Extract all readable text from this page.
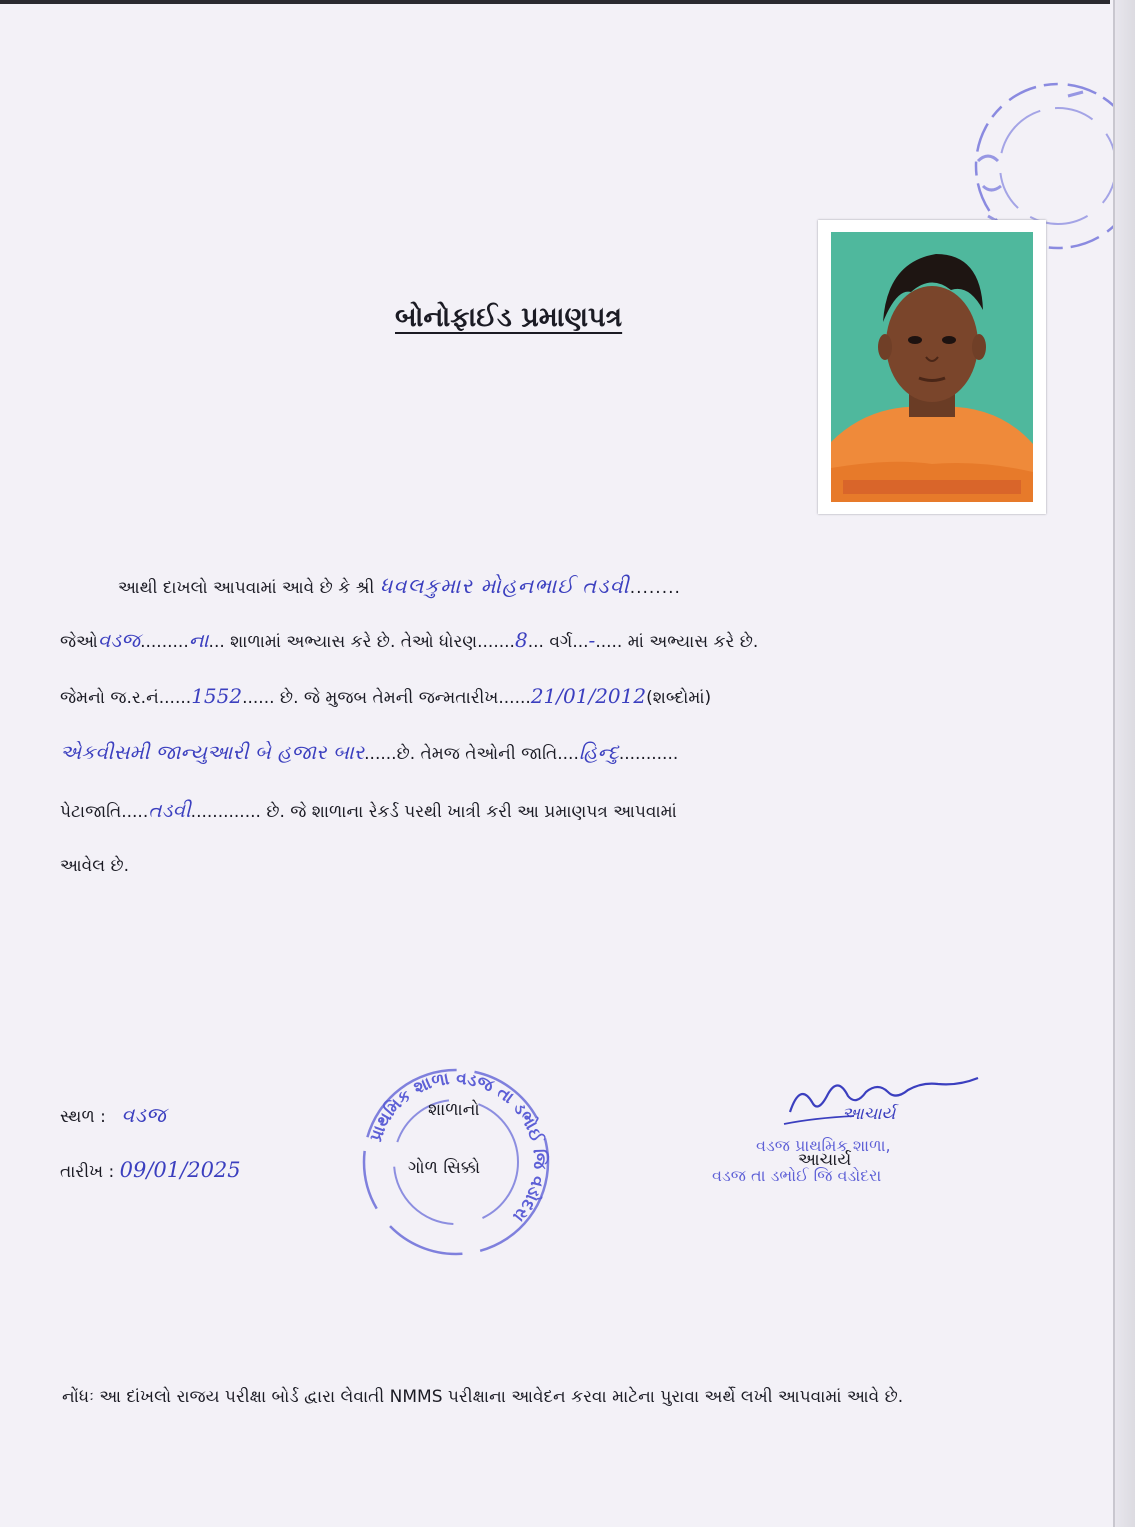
બોનોફાઈડ પ્રમાણપત્ર
આથી દાખલો આપવામાં આવે છે કે શ્રી ધવલકુમાર મોહનભાઈ તડવી........
જેઓવડજ.........ના... શાળામાં અભ્યાસ કરે છે. તેઓ ધોરણ.......8... વર્ગ...-..... માં અભ્યાસ કરે છે.
જેમનો જ.ર.નં......1552...... છે. જે મુજબ તેમની જન્મતારીખ......21/01/2012(શબ્દોમાં)
એકવીસમી જાન્યુઆરી બે હજાર બાર......છે. તેમજ તેઓની જાતિ....હિન્દુ...........
પેટાજાતિ.....તડવી............. છે. જે શાળાના રેકર્ડ પરથી ખાત્રી કરી આ પ્રમાણપત્ર આપવામાં
આવેલ છે.
સ્થળ : વડજ
તારીખ : 09/01/2025
પ્રાથમિક શાળા વડજ તા ડભોઈ જિ વડોદરા
શાળાનો
ગોળ સિક્કો
આચાર્ય
વડજ પ્રાથમિક શાળા,
વડજ તા ડભોઈ જિ વડોદરા
આચાર્ય
નોંધઃ આ દાંખલો રાજય પરીક્ષા બોર્ડ દ્વારા લેવાતી NMMS પરીક્ષાના આવેદન કરવા માટેના પુરાવા અર્થે લખી આપવામાં આવે છે.
